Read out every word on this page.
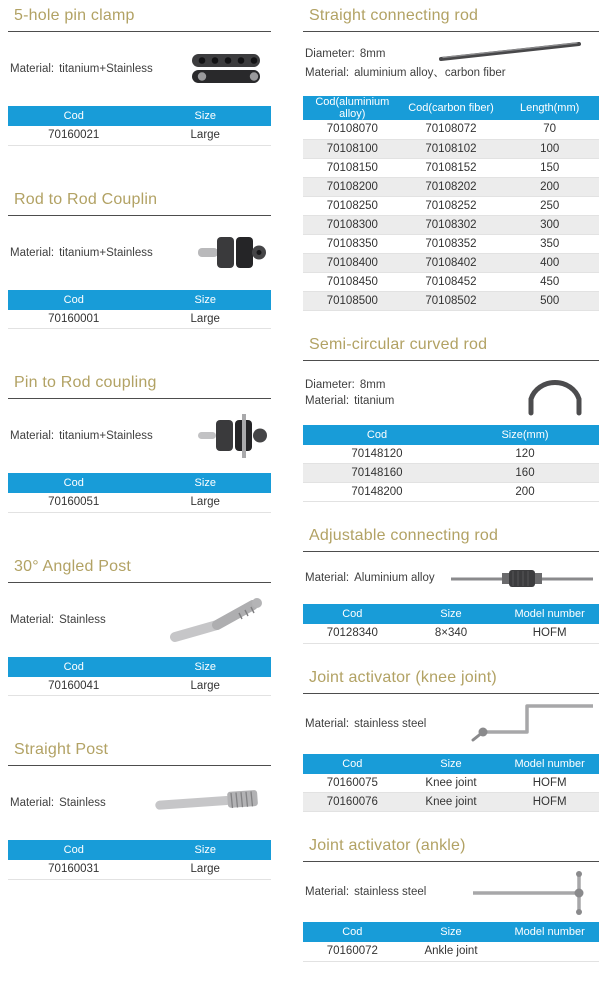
5-hole pin clamp
Material: titanium+Stainless
Cod	Size
70160021	Large
Rod to Rod Couplin
Material: titanium+Stainless
Cod	Size
70160001	Large
Pin to Rod coupling
Material: titanium+Stainless
Cod	Size
70160051	Large
30° Angled Post
Material: Stainless
Cod	Size
70160041	Large
Straight Post
Material: Stainless
Cod	Size
70160031	Large
Straight connecting rod
Diameter: 8mm
Material: aluminium alloy、carbon fiber
Cod(aluminium alloy)	Cod(carbon fiber)	Length(mm)
70108070	70108072	70
70108100	70108102	100
70108150	70108152	150
70108200	70108202	200
70108250	70108252	250
70108300	70108302	300
70108350	70108352	350
70108400	70108402	400
70108450	70108452	450
70108500	70108502	500
Semi-circular curved rod
Diameter: 8mm
Material: titanium
Cod	Size(mm)
70148120	120
70148160	160
70148200	200
Adjustable connecting rod
Material: Aluminium alloy
Cod	Size	Model number
70128340	8×340	HOFM
Joint activator (knee joint)
Material: stainless steel
Cod	Size	Model number
70160075	Knee joint	HOFM
70160076	Knee joint	HOFM
Joint activator (ankle)
Material: stainless steel
Cod	Size	Model number
70160072	Ankle joint	
